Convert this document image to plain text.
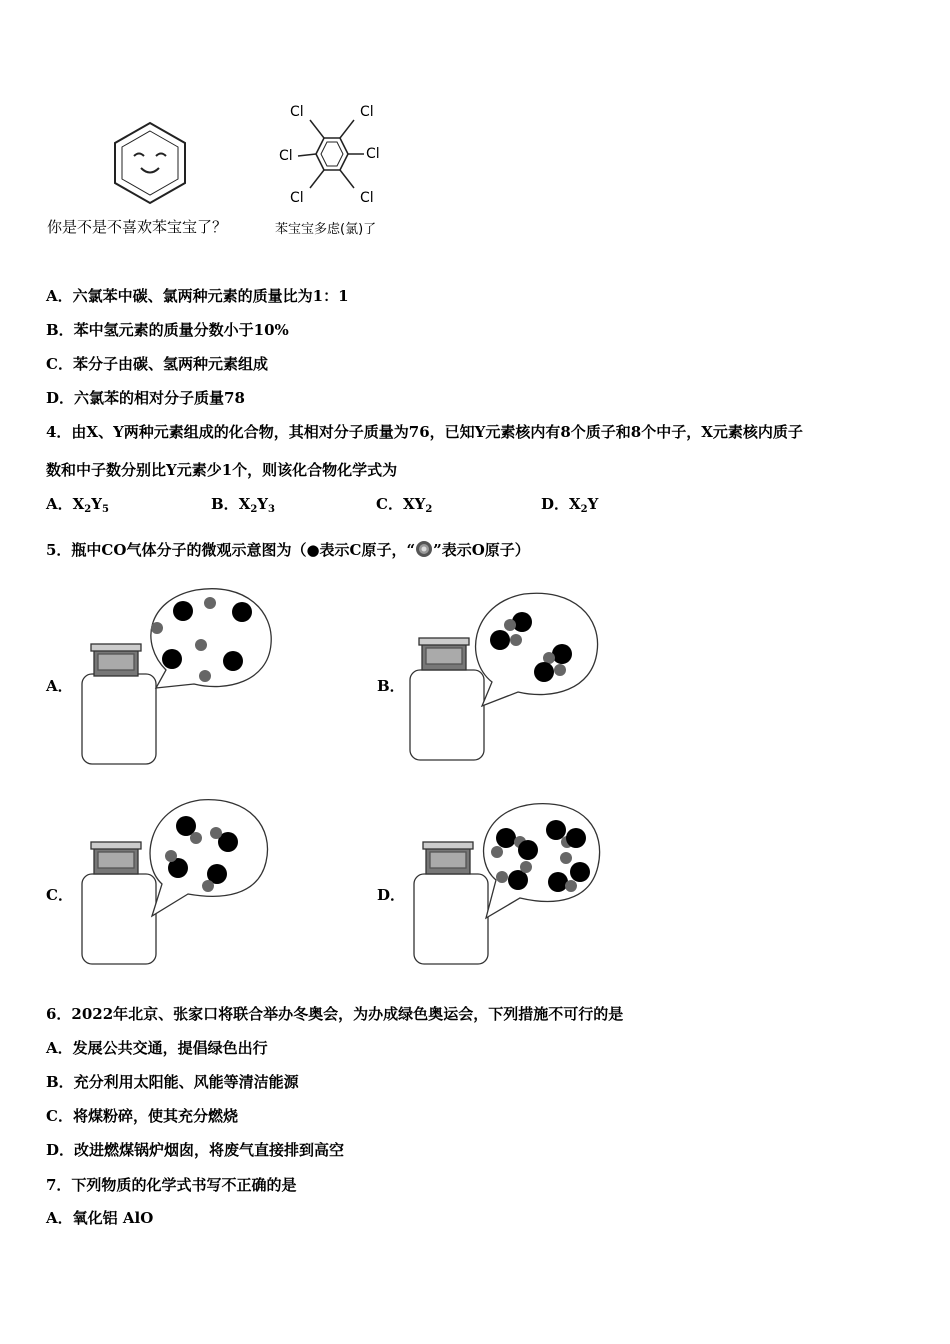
Cl	Cl
Cl	Cl
Cl	Cl
你是不是不喜欢苯宝宝了？	苯宝宝多虑(氯)了
A．六氯苯中碳、氯两种元素的质量比为1：1
B．苯中氢元素的质量分数小于10%
C．苯分子由碳、氢两种元素组成
D．六氯苯的相对分子质量78
4．由X、Y两种元素组成的化合物，其相对分子质量为76，已知Y元素核内有8个质子和8个中子，X元素核内质子
数和中子数分别比Y元素少1个，则该化合物化学式为
A．$X_2Y_5$	B．$X_2Y_3$	C．$XY_2$	D．$X_2Y$
5．瓶中CO气体分子的微观示意图为（●表示C原子，“ ”表示O原子）
A．	B．
C．	D．
6．2022年北京、张家口将联合举办冬奥会，为办成绿色奥运会，下列措施不可行的是
A．发展公共交通，提倡绿色出行
B．充分利用太阳能、风能等清洁能源
C．将煤粉碎，使其充分燃烧
D．改进燃煤锅炉烟囱，将废气直接排到高空
7．下列物质的化学式书写不正确的是
A．氧化铝 AlO
